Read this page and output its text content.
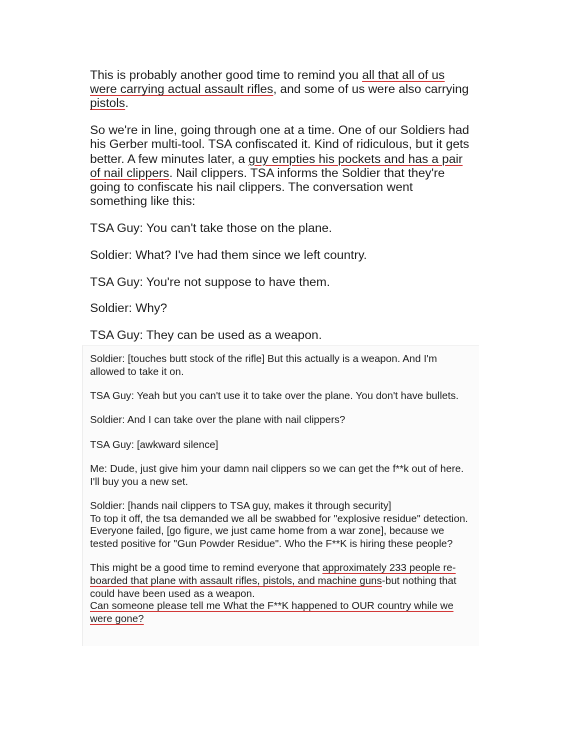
This is probably another good time to remind you all that all of us were carrying actual assault rifles, and some of us were also carrying pistols.

So we're in line, going through one at a time. One of our Soldiers had his Gerber multi-tool. TSA confiscated it. Kind of ridiculous, but it gets better. A few minutes later, a guy empties his pockets and has a pair of nail clippers. Nail clippers. TSA informs the Soldier that they're going to confiscate his nail clippers. The conversation went something like this:

TSA Guy: You can't take those on the plane.

Soldier: What? I've had them since we left country.

TSA Guy: You're not suppose to have them.

Soldier: Why?

TSA Guy: They can be used as a weapon.

Soldier: [touches butt stock of the rifle] But this actually is a weapon. And I'm allowed to take it on.

TSA Guy: Yeah but you can't use it to take over the plane. You don't have bullets.

Soldier: And I can take over the plane with nail clippers?

TSA Guy: [awkward silence]

Me: Dude, just give him your damn nail clippers so we can get the f**k out of here. I'll buy you a new set.

Soldier: [hands nail clippers to TSA guy, makes it through security]
To top it off, the tsa demanded we all be swabbed for "explosive residue" detection. Everyone failed, [go figure, we just came home from a war zone], because we tested positive for "Gun Powder Residue". Who the F**K is hiring these people?

This might be a good time to remind everyone that approximately 233 people re-boarded that plane with assault rifles, pistols, and machine guns-but nothing that could have been used as a weapon.
Can someone please tell me What the F**K happened to OUR country while we were gone?
